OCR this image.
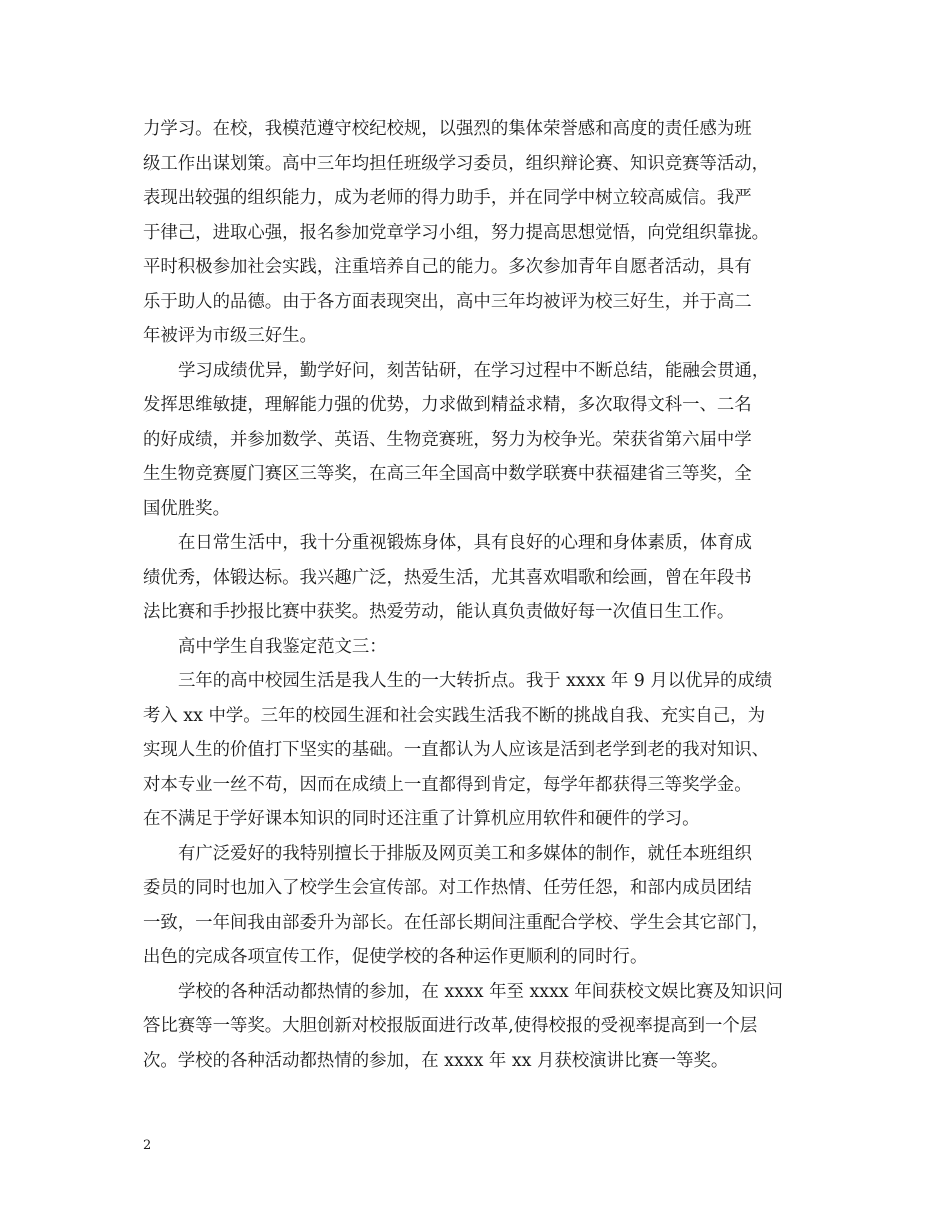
力学习。在校，我模范遵守校纪校规，以强烈的集体荣誉感和高度的责任感为班
级工作出谋划策。高中三年均担任班级学习委员，组织辩论赛、知识竞赛等活动，
表现出较强的组织能力，成为老师的得力助手，并在同学中树立较高威信。我严
于律己，进取心强，报名参加党章学习小组，努力提高思想觉悟，向党组织靠拢。
平时积极参加社会实践，注重培养自己的能力。多次参加青年自愿者活动，具有
乐于助人的品德。由于各方面表现突出，高中三年均被评为校三好生，并于高二
年被评为市级三好生。
学习成绩优异，勤学好问，刻苦钻研，在学习过程中不断总结，能融会贯通，
发挥思维敏捷，理解能力强的优势，力求做到精益求精，多次取得文科一、二名
的好成绩，并参加数学、英语、生物竞赛班，努力为校争光。荣获省第六届中学
生生物竞赛厦门赛区三等奖，在高三年全国高中数学联赛中获福建省三等奖，全
国优胜奖。
在日常生活中，我十分重视锻炼身体，具有良好的心理和身体素质，体育成
绩优秀，体锻达标。我兴趣广泛，热爱生活，尤其喜欢唱歌和绘画，曾在年段书
法比赛和手抄报比赛中获奖。热爱劳动，能认真负责做好每一次值日生工作。
高中学生自我鉴定范文三：
三年的高中校园生活是我人生的一大转折点。我于 xxxx 年 9 月以优异的成绩
考入 xx 中学。三年的校园生涯和社会实践生活我不断的挑战自我、充实自己，为
实现人生的价值打下坚实的基础。一直都认为人应该是活到老学到老的我对知识、
对本专业一丝不苟，因而在成绩上一直都得到肯定，每学年都获得三等奖学金。
在不满足于学好课本知识的同时还注重了计算机应用软件和硬件的学习。
有广泛爱好的我特别擅长于排版及网页美工和多媒体的制作，就任本班组织
委员的同时也加入了校学生会宣传部。对工作热情、任劳任怨，和部内成员团结
一致，一年间我由部委升为部长。在任部长期间注重配合学校、学生会其它部门，
出色的完成各项宣传工作，促使学校的各种运作更顺利的同时行。
学校的各种活动都热情的参加，在 xxxx 年至 xxxx 年间获校文娱比赛及知识问
答比赛等一等奖。大胆创新对校报版面进行改革,使得校报的受视率提高到一个层
次。学校的各种活动都热情的参加，在 xxxx 年 xx 月获校演讲比赛一等奖。
2
